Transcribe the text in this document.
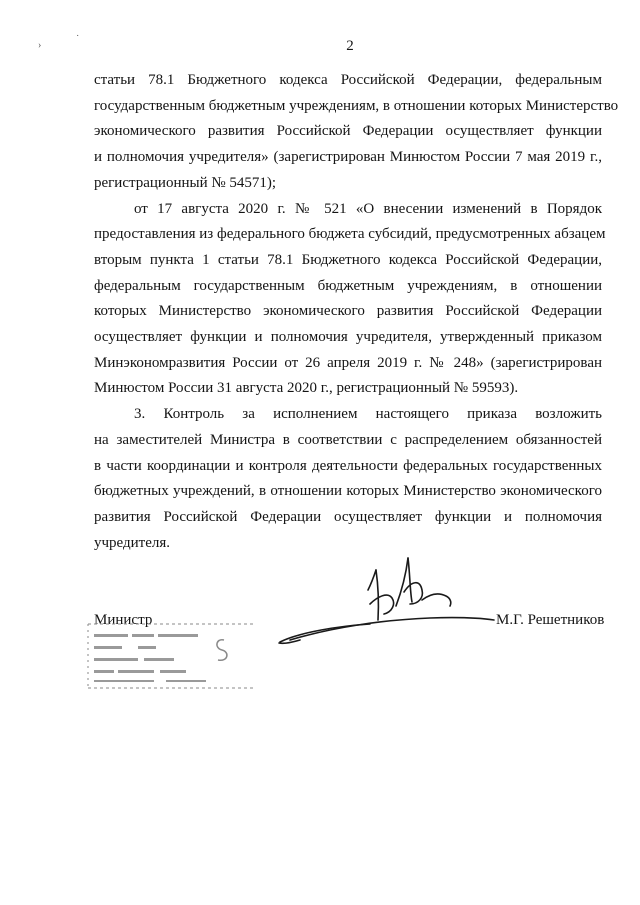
›
˙	2
статьи 78.1 Бюджетного кодекса Российской Федерации, федеральным
государственным бюджетным учреждениям, в отношении которых Министерство
экономического развития Российской Федерации осуществляет функции
и полномочия учредителя» (зарегистрирован Минюстом России 7 мая 2019 г.,
регистрационный № 54571);
от 17 августа 2020 г. № 521 «О внесении изменений в Порядок
предоставления из федерального бюджета субсидий, предусмотренных абзацем
вторым пункта 1 статьи 78.1 Бюджетного кодекса Российской Федерации,
федеральным государственным бюджетным учреждениям, в отношении
которых Министерство экономического развития Российской Федерации
осуществляет функции и полномочия учредителя, утвержденный приказом
Минэкономразвития России от 26 апреля 2019 г. № 248» (зарегистрирован
Минюстом России 31 августа 2020 г., регистрационный № 59593).
3. Контроль за исполнением настоящего приказа возложить
на заместителей Министра в соответствии с распределением обязанностей
в части координации и контроля деятельности федеральных государственных
бюджетных учреждений, в отношении которых Министерство экономического
развития Российской Федерации осуществляет функции и полномочия
учредителя.
Министр	М.Г. Решетников
